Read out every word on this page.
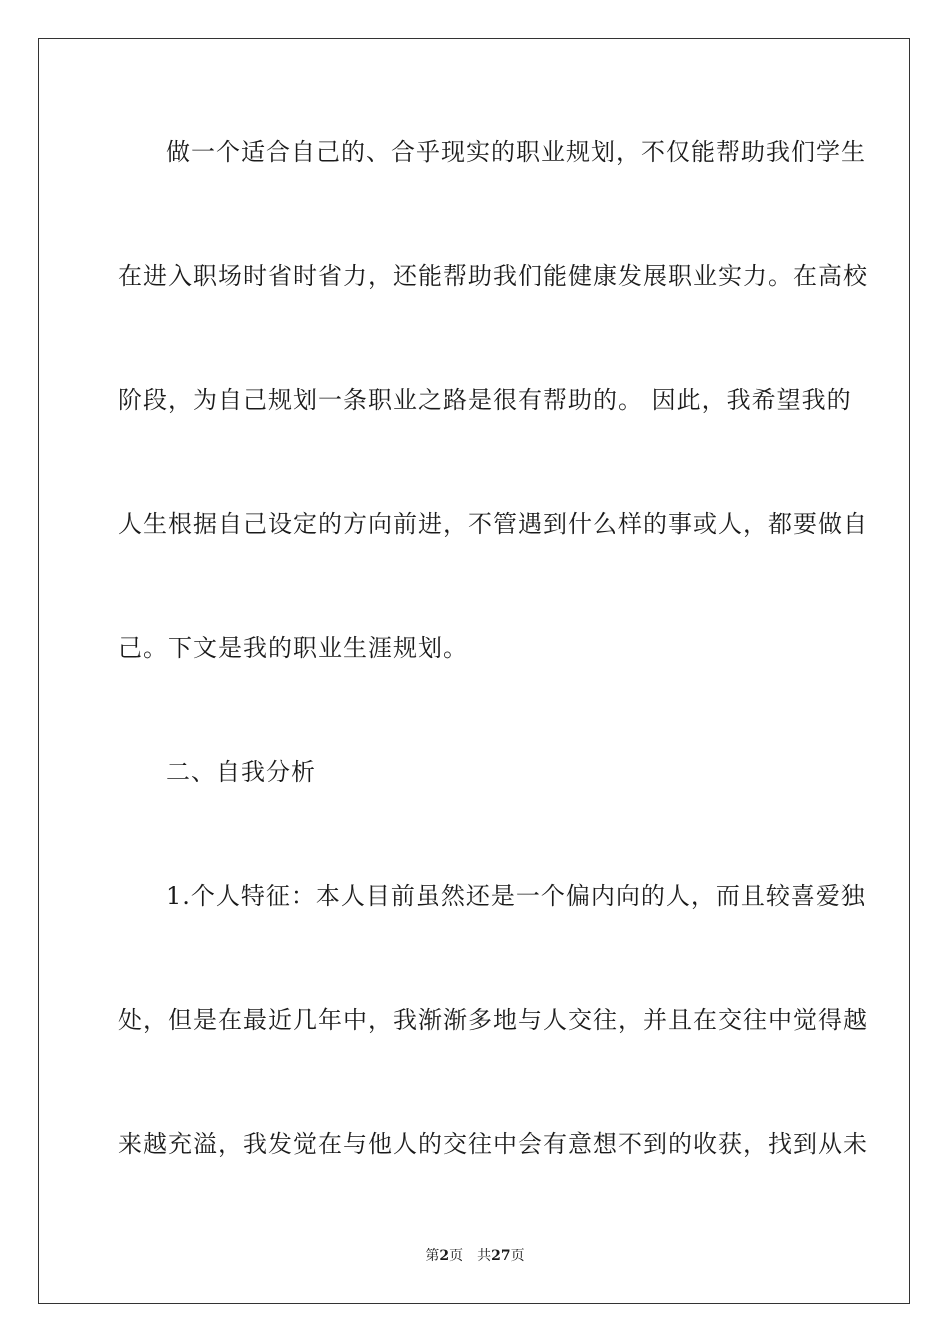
做一个适合自己的、合乎现实的职业规划，不仅能帮助我们学生
在进入职场时省时省力，还能帮助我们能健康发展职业实力。在高校
阶段，为自己规划一条职业之路是很有帮助的。 因此，我希望我的
人生根据自己设定的方向前进，不管遇到什么样的事或人，都要做自
己。下文是我的职业生涯规划。
二、自我分析
1.个人特征：本人目前虽然还是一个偏内向的人，而且较喜爱独
处，但是在最近几年中，我渐渐多地与人交往，并且在交往中觉得越
来越充溢，我发觉在与他人的交往中会有意想不到的收获，找到从未
第2页 共27页
